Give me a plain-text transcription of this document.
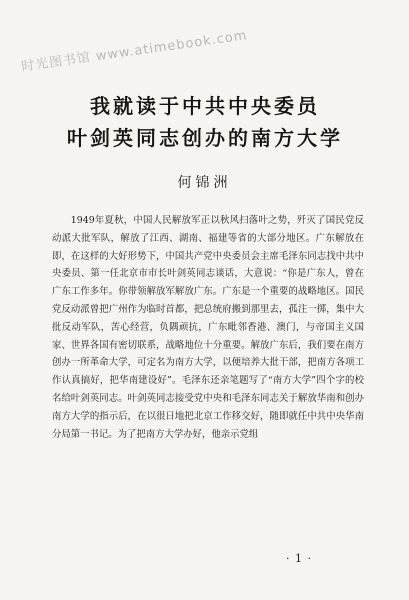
时光图书馆 www.atimebook.com
我就读于中共中央委员
叶剑英同志创办的南方大学
何锦洲
1949年夏秋，中国人民解放军正以秋风扫落叶之势，歼灭了国民党反动派大批军队，解放了江西、湖南、福建等省的大部分地区。广东解放在即，在这样的大好形势下，中国共产党中央委员会主席毛泽东同志找中共中央委员、第一任北京市市长叶剑英同志谈话，大意说：“你是广东人，曾在广东工作多年。你带领解放军解放广东。广东是一个重要的战略地区。国民党反动派曾把广州作为临时首都，把总统府搬到那里去，孤注一掷，集中大批反动军队，苦心经营，负隅顽抗，广东毗邻香港、澳门，与帝国主义国家、世界各国有密切联系，战略地位十分重要。解放广东后，我们要在南方创办一所革命大学，可定名为南方大学，以便培养大批干部，把南方各项工作认真搞好，把华南建设好”。毛泽东还亲笔题写了“南方大学”四个字的校名给叶剑英同志。叶剑英同志接受党中央和毛泽东同志关于解放华南和创办南方大学的指示后，在以很日地把北京工作移交好，随即就任中共中央华南分局第一书记。为了把南方大学办好，他亲示党组
· 1 ·
